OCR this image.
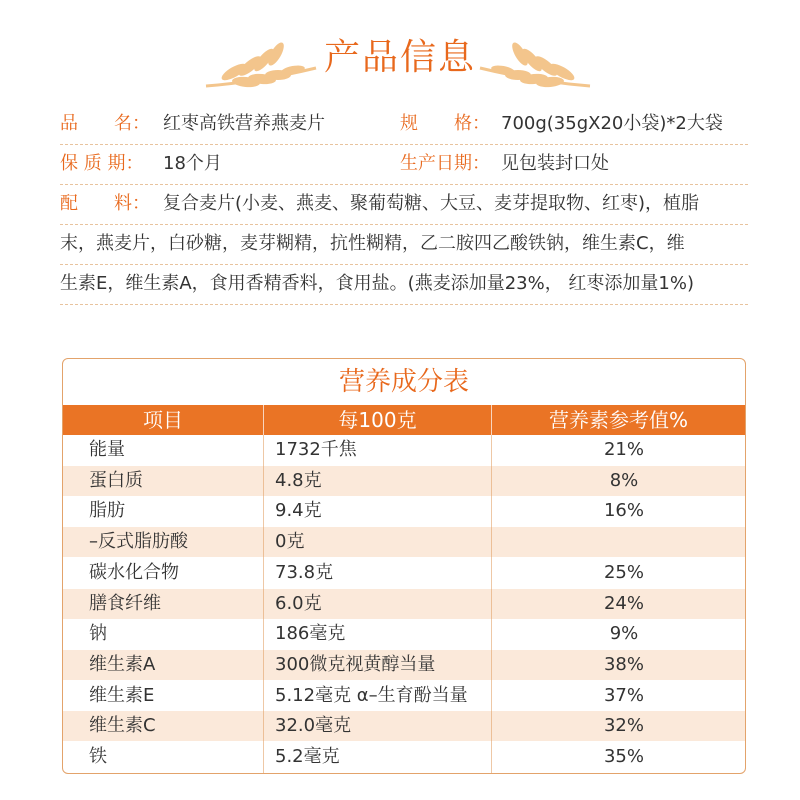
产品信息
品　　名： 红枣高铁营养燕麦片	规　　格： 700g(35gX20小袋)*2大袋
保 质 期： 18个月	生产日期： 见包装封口处
配　　料： 复合麦片(小麦、燕麦、聚葡萄糖、大豆、麦芽提取物、红枣)，植脂
末，燕麦片，白砂糖，麦芽糊精，抗性糊精，乙二胺四乙酸铁钠，维生素C，维
生素E，维生素A，食用香精香料，食用盐。(燕麦添加量23%， 红枣添加量1%)
营养成分表
项目	每100克	营养素参考值%
能量	1732千焦	21%
蛋白质	4.8克	8%
脂肪	9.4克	16%
–反式脂肪酸	0克
碳水化合物	73.8克	25%
膳食纤维	6.0克	24%
钠	186毫克	9%
维生素A	300微克视黄醇当量	38%
维生素E	5.12毫克 α–生育酚当量	37%
维生素C	32.0毫克	32%
铁	5.2毫克	35%
